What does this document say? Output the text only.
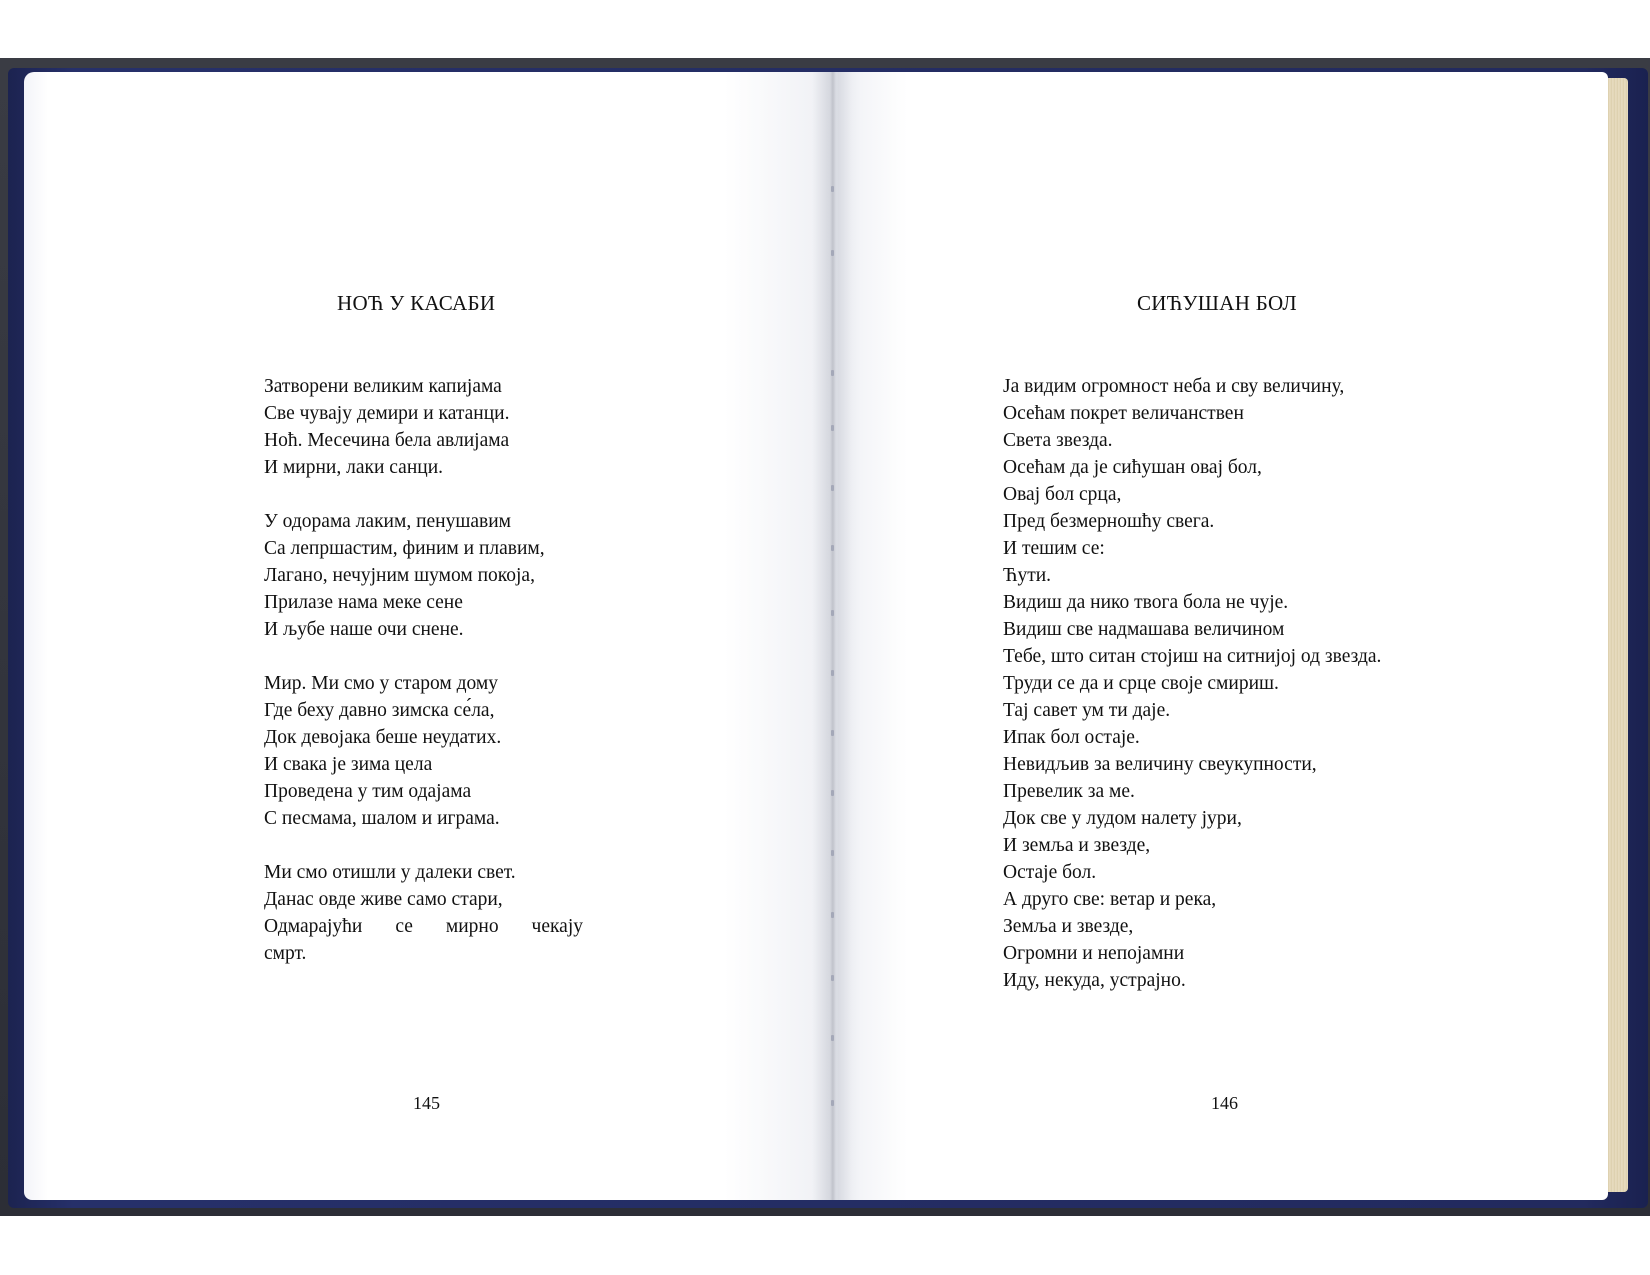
НОЋ У КАСАБИ
Затворени великим капијама
Све чувају демири и катанци.
Ноћ. Месечина бела авлијама
И мирни, лаки санци.
У одорама лаким, пенушавим
Са лепршастим, финим и плавим,
Лагано, нечујним шумом покоја,
Прилазе нама меке сене
И љубе наше очи снене.
Мир. Ми смо у старом дому
Где беху давно зимска се́ла,
Док девојака беше неудатих.
И свака је зима цела
Проведена у тим одајама
С песмама, шалом и играма.
Ми смо отишли у далеки свет.
Данас овде живе само стари,
Одмарајући се мирно чекају
смрт.
145
СИЋУШАН БОЛ
Ја видим огромност неба и сву величину,
Осећам покрет величанствен
Света звезда.
Осећам да је сићушан овај бол,
Овај бол срца,
Пред безмерношћу свега.
И тешим се:
Ћути.
Видиш да нико твога бола не чује.
Видиш све надмашава величином
Тебе, што ситан стојиш на ситнијој од звезда.
Труди се да и срце своје смириш.
Тај савет ум ти даје.
Ипак бол остаје.
Невидљив за величину свеукупности,
Превелик за ме.
Док све у лудом налету јури,
И земља и звезде,
Остаје бол.
А друго све: ветар и река,
Земља и звезде,
Огромни и непојамни
Иду, некуда, устрајно.
146
